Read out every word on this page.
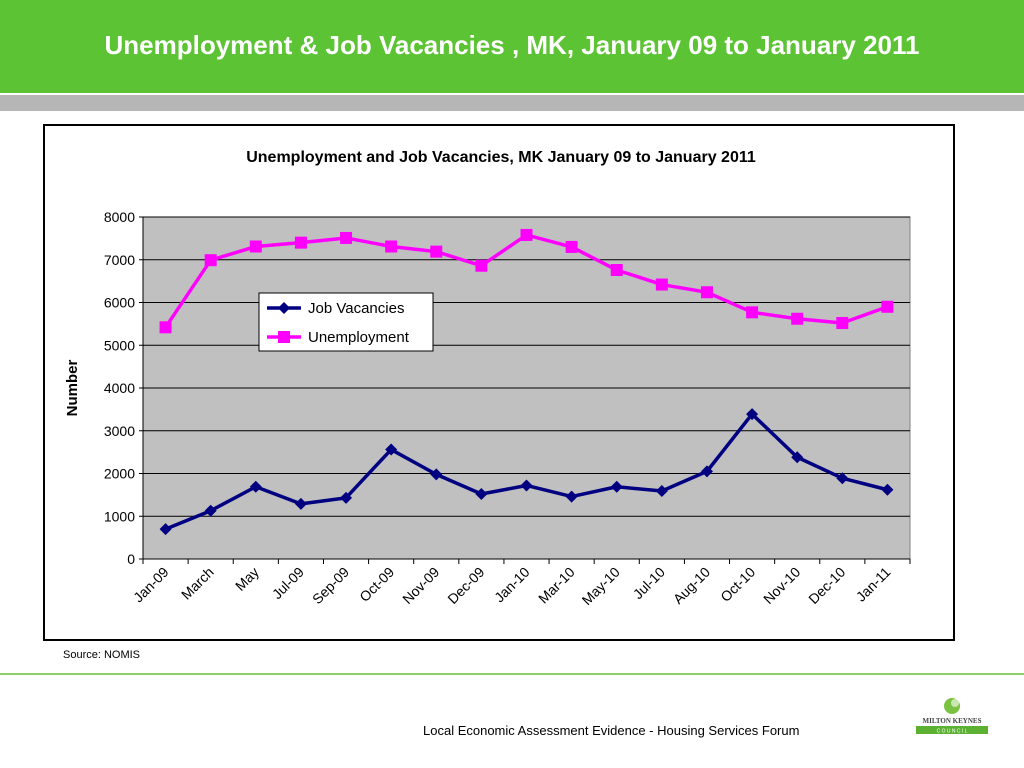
Unemployment & Job Vacancies , MK, January 09 to January 2011
Unemployment and Job Vacancies, MK January 09 to January 2011
0
1000
2000
3000
4000
5000
6000
7000
8000
Jan-09 March May Jul-09 Sep-09 Oct-09 Nov-09 Dec-09 Jan-10 Mar-10 May-10 Jul-10 Aug-10 Oct-10 Nov-10 Dec-10 Jan-11
Number
Job Vacancies
Unemployment
Source: NOMIS
Local Economic Assessment Evidence - Housing Services Forum
MILTON KEYNES
C O U N C I L
